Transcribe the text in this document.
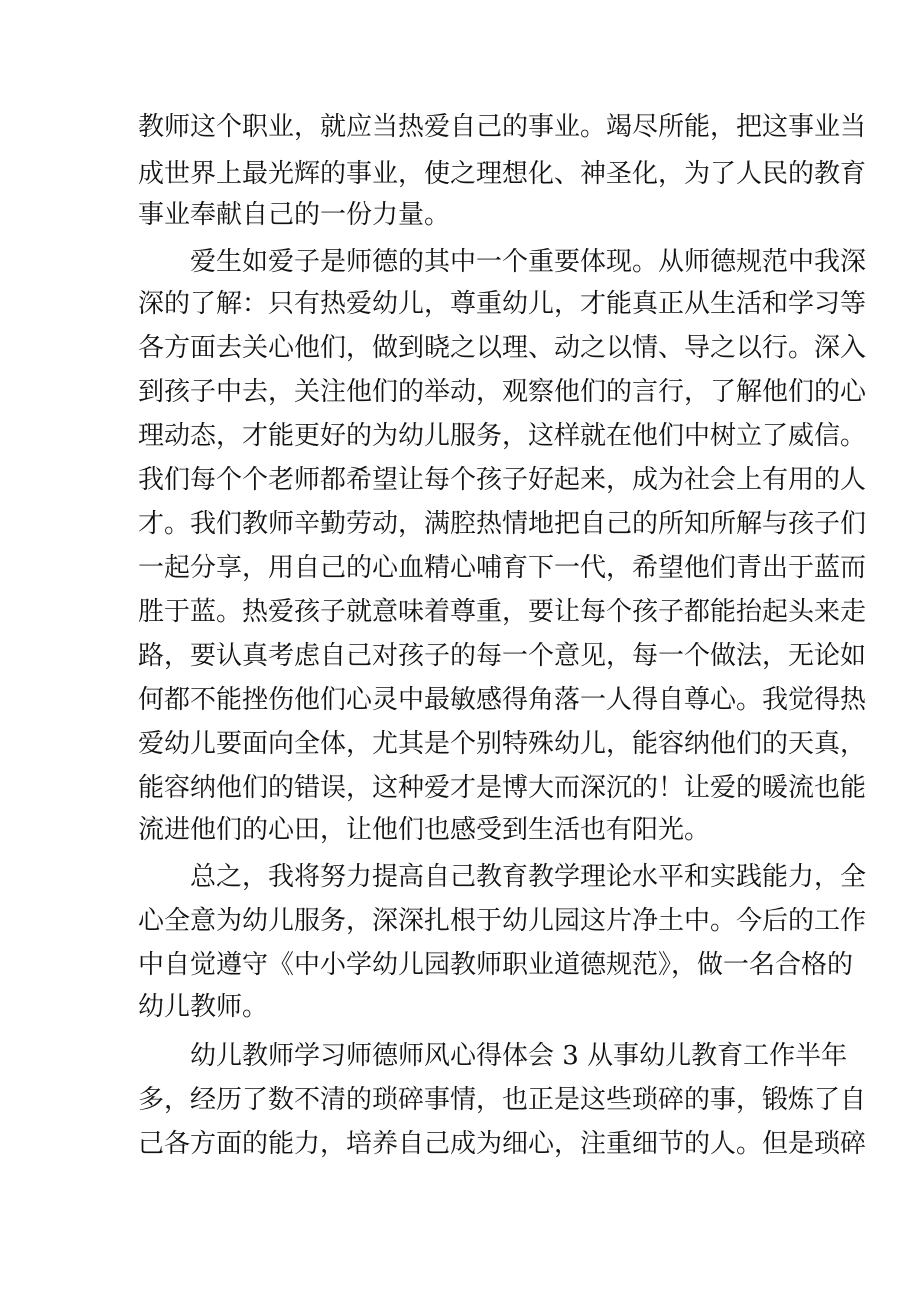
教师这个职业，就应当热爱自己的事业。竭尽所能，把这事业当
成世界上最光辉的事业，使之理想化、神圣化，为了人民的教育
事业奉献自己的一份力量。
爱生如爱子是师德的其中一个重要体现。从师德规范中我深
深的了解：只有热爱幼儿，尊重幼儿，才能真正从生活和学习等
各方面去关心他们，做到晓之以理、动之以情、导之以行。深入
到孩子中去，关注他们的举动，观察他们的言行，了解他们的心
理动态，才能更好的为幼儿服务，这样就在他们中树立了威信。
我们每个个老师都希望让每个孩子好起来，成为社会上有用的人
才。我们教师辛勤劳动，满腔热情地把自己的所知所解与孩子们
一起分享，用自己的心血精心哺育下一代，希望他们青出于蓝而
胜于蓝。热爱孩子就意味着尊重，要让每个孩子都能抬起头来走
路，要认真考虑自己对孩子的每一个意见，每一个做法，无论如
何都不能挫伤他们心灵中最敏感得角落一人得自尊心。我觉得热
爱幼儿要面向全体，尤其是个别特殊幼儿，能容纳他们的天真，
能容纳他们的错误，这种爱才是博大而深沉的！让爱的暖流也能
流进他们的心田，让他们也感受到生活也有阳光。
总之，我将努力提高自己教育教学理论水平和实践能力，全
心全意为幼儿服务，深深扎根于幼儿园这片净土中。今后的工作
中自觉遵守《中小学幼儿园教师职业道德规范》，做一名合格的
幼儿教师。
幼儿教师学习师德师风心得体会 3 从事幼儿教育工作半年
多，经历了数不清的琐碎事情，也正是这些琐碎的事，锻炼了自
己各方面的能力，培养自己成为细心，注重细节的人。但是琐碎
